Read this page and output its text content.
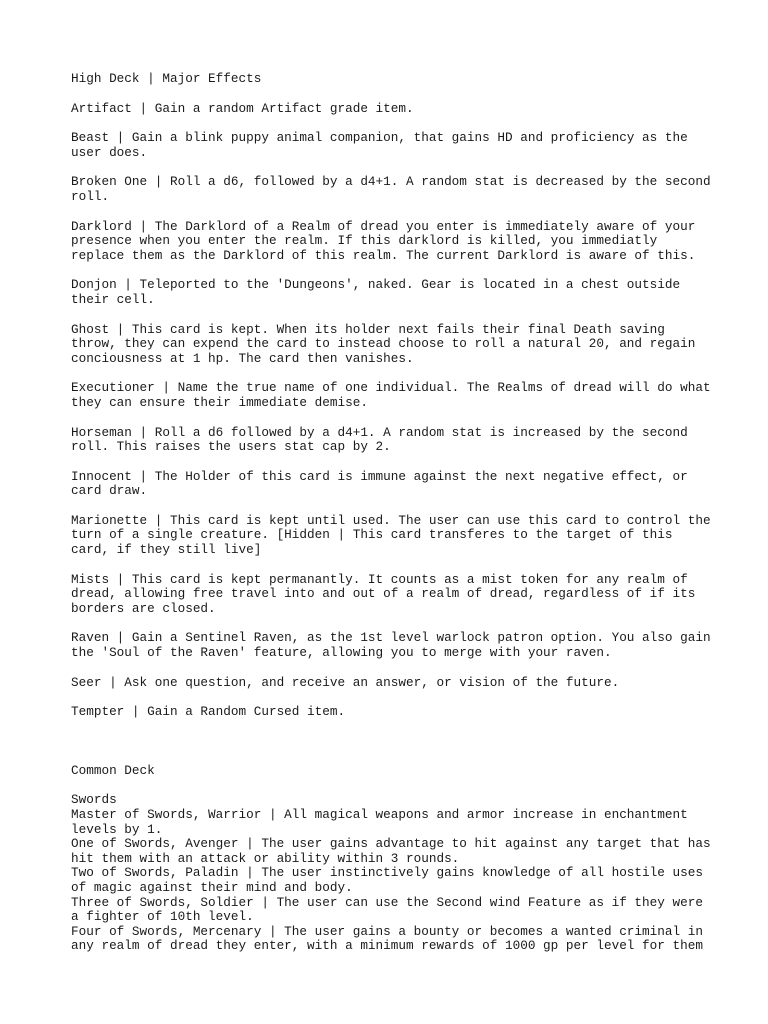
High Deck | Major Effects
Artifact | Gain a random Artifact grade item.
Beast | Gain a blink puppy animal companion, that gains HD and proficiency as the user does.
Broken One | Roll a d6, followed by a d4+1. A random stat is decreased by the second roll.
Darklord | The Darklord of a Realm of dread you enter is immediately aware of your presence when you enter the realm. If this darklord is killed, you immediatly replace them as the Darklord of this realm. The current Darklord is aware of this.
Donjon | Teleported to the 'Dungeons', naked. Gear is located in a chest outside their cell.
Ghost | This card is kept. When its holder next fails their final Death saving throw, they can expend the card to instead choose to roll a natural 20, and regain conciousness at 1 hp. The card then vanishes.
Executioner | Name the true name of one individual. The Realms of dread will do what they can ensure their immediate demise.
Horseman | Roll a d6 followed by a d4+1. A random stat is increased by the second roll. This raises the users stat cap by 2.
Innocent | The Holder of this card is immune against the next negative effect, or card draw.
Marionette | This card is kept until used. The user can use this card to control the turn of a single creature. [Hidden | This card transferes to the target of this card, if they still live]
Mists | This card is kept permanantly. It counts as a mist token for any realm of dread, allowing free travel into and out of a realm of dread, regardless of if its borders are closed.
Raven | Gain a Sentinel Raven, as the 1st level warlock patron option. You also gain the 'Soul of the Raven' feature, allowing you to merge with your raven.
Seer | Ask one question, and receive an answer, or vision of the future.
Tempter | Gain a Random Cursed item.
Common Deck
Swords
Master of Swords, Warrior | All magical weapons and armor increase in enchantment levels by 1.
One of Swords, Avenger | The user gains advantage to hit against any target that has hit them with an attack or ability within 3 rounds.
Two of Swords, Paladin | The user instinctively gains knowledge of all hostile uses of magic against their mind and body.
Three of Swords, Soldier | The user can use the Second wind Feature as if they were a fighter of 10th level.
Four of Swords, Mercenary | The user gains a bounty or becomes a wanted criminal in any realm of dread they enter, with a minimum rewards of 1000 gp per level for them
